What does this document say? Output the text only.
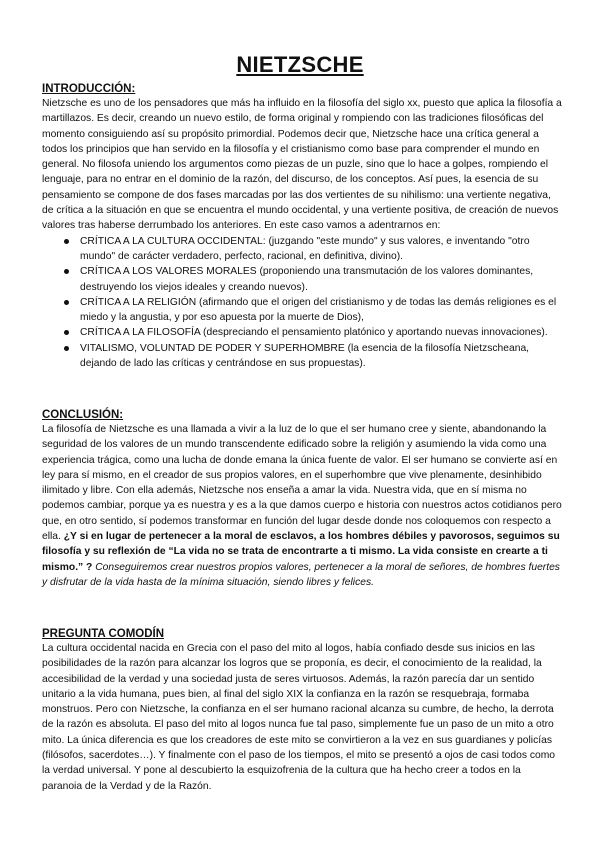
NIETZSCHE
INTRODUCCIÓN:

Nietzsche es uno de los pensadores que más ha influido en la filosofía del siglo xx, puesto que aplica la filosofía a martillazos. Es decir, creando un nuevo estilo, de forma original y rompiendo con las tradiciones filosóficas del momento consiguiendo así su propósito primordial. Podemos decir que, Nietzsche hace una crítica general a todos los principios que han servido en la filosofía y el cristianismo como base para comprender el mundo en general. No filosofa uniendo los argumentos como piezas de un puzle, sino que lo hace a golpes, rompiendo el lenguaje, para no entrar en el dominio de la razón, del discurso, de los conceptos. Así pues, la esencia de su pensamiento se compone de dos fases marcadas por las dos vertientes de su nihilismo: una vertiente negativa, de crítica a la situación en que se encuentra el mundo occidental, y una vertiente positiva, de creación de nuevos valores tras haberse derrumbado los anteriores. En este caso vamos a adentrarnos en:

CRÍTICA A LA CULTURA OCCIDENTAL: (juzgando "este mundo" y sus valores, e inventando "otro mundo" de carácter verdadero, perfecto, racional, en definitiva, divino).
CRÍTICA A LOS VALORES MORALES (proponiendo una transmutación de los valores dominantes, destruyendo los viejos ideales y creando nuevos).
CRÍTICA A LA RELIGIÓN (afirmando que el origen del cristianismo y de todas las demás religiones es el miedo y la angustia, y por eso apuesta por la muerte de Dios),
CRÍTICA A LA FILOSOFÍA (despreciando el pensamiento platónico y aportando nuevas innovaciones).
VITALISMO, VOLUNTAD DE PODER Y SUPERHOMBRE (la esencia de la filosofía Nietzscheana, dejando de lado las críticas y centrándose en sus propuestas).
CONCLUSIÓN:

La filosofía de Nietzsche es una llamada a vivir a la luz de lo que el ser humano cree y siente, abandonando la seguridad de los valores de un mundo transcendente edificado sobre la religión y asumiendo la vida como una experiencia trágica, como una lucha de donde emana la única fuente de valor. El ser humano se convierte así en ley para sí mismo, en el creador de sus propios valores, en el superhombre que vive plenamente, desinhibido ilimitado y libre. Con ella además, Nietzsche nos enseña a amar la vida. Nuestra vida, que en sí misma no podemos cambiar, porque ya es nuestra y es a la que damos cuerpo e historia con nuestros actos cotidianos pero que, en otro sentido, sí podemos transformar en función del lugar desde donde nos coloquemos con respecto a ella. ¿Y si en lugar de pertenecer a la moral de esclavos, a los hombres débiles y pavorosos, seguimos su filosofía y su reflexión de “La vida no se trata de encontrarte a ti mismo. La vida consiste en crearte a ti mismo.” ? Conseguiremos crear nuestros propios valores, pertenecer a la moral de señores, de hombres fuertes y disfrutar de la vida hasta de la mínima situación, siendo libres y felices.

PREGUNTA COMODÍN

La cultura occidental nacida en Grecia con el paso del mito al logos, había confiado desde sus inicios en las posibilidades de la razón para alcanzar los logros que se proponía, es decir, el conocimiento de la realidad, la accesibilidad de la verdad y una sociedad justa de seres virtuosos. Además, la razón parecía dar un sentido unitario a la vida humana, pues bien, al final del siglo XIX la confianza en la razón se resquebraja, formaba monstruos. Pero con Nietzsche, la confianza en el ser humano racional alcanza su cumbre, de hecho, la derrota de la razón es absoluta. El paso del mito al logos nunca fue tal paso, simplemente fue un paso de un mito a otro mito. La única diferencia es que los creadores de este mito se convirtieron a la vez en sus guardianes y policías (filósofos, sacerdotes…). Y finalmente con el paso de los tiempos, el mito se presentó a ojos de casi todos como la verdad universal. Y pone al descubierto la esquizofrenia de la cultura que ha hecho creer a todos en la paranoia de la Verdad y de la Razón.
